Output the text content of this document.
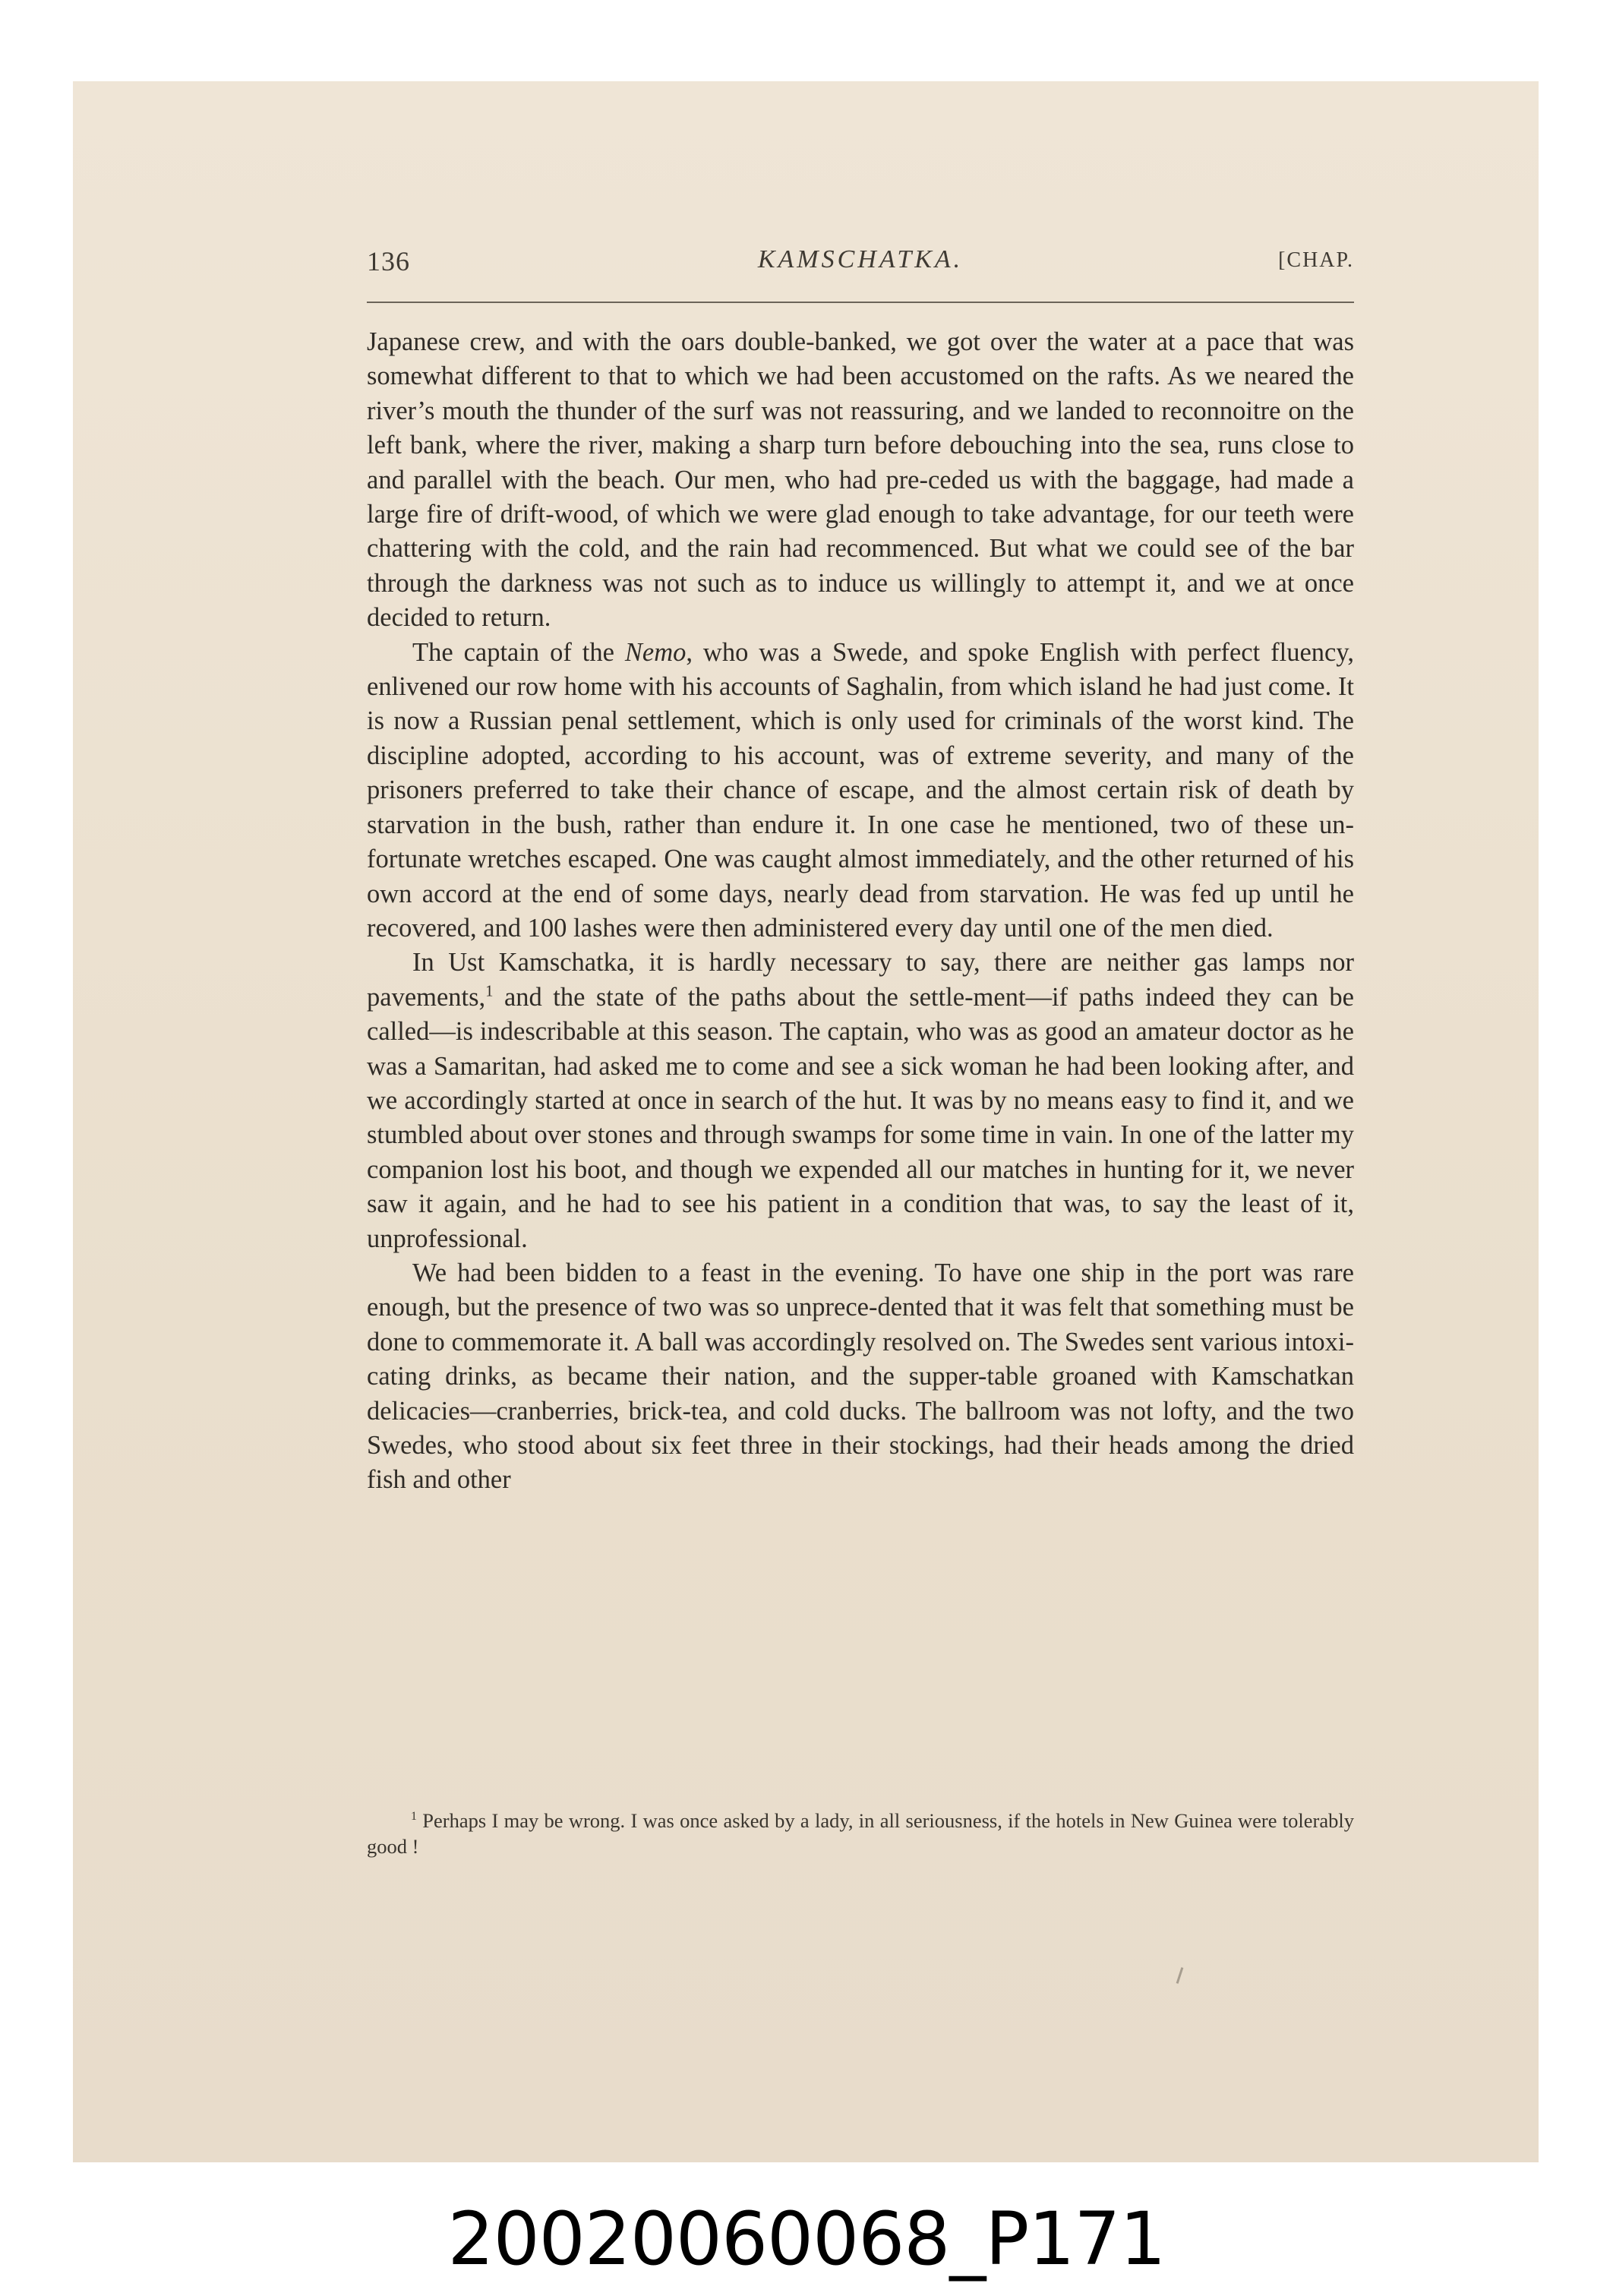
136	KAMSCHATKA.	[CHAP.

Japanese crew, and with the oars double-banked, we got over the water at a pace that was somewhat different to that to which we had been accustomed on the rafts. As we neared the river’s mouth the thunder of the surf was not reassuring, and we landed to reconnoitre on the left bank, where the river, making a sharp turn before debouching into the sea, runs close to and parallel with the beach. Our men, who had pre-ceded us with the baggage, had made a large fire of drift-wood, of which we were glad enough to take advantage, for our teeth were chattering with the cold, and the rain had recommenced. But what we could see of the bar through the darkness was not such as to induce us willingly to attempt it, and we at once decided to return.

The captain of the Nemo, who was a Swede, and spoke English with perfect fluency, enlivened our row home with his accounts of Saghalin, from which island he had just come. It is now a Russian penal settlement, which is only used for criminals of the worst kind. The discipline adopted, according to his account, was of extreme severity, and many of the prisoners preferred to take their chance of escape, and the almost certain risk of death by starvation in the bush, rather than endure it. In one case he mentioned, two of these un-fortunate wretches escaped. One was caught almost immediately, and the other returned of his own accord at the end of some days, nearly dead from starvation. He was fed up until he recovered, and 100 lashes were then administered every day until one of the men died.

In Ust Kamschatka, it is hardly necessary to say, there are neither gas lamps nor pavements,$^1$ and the state of the paths about the settle-ment—if paths indeed they can be called—is indescribable at this season. The captain, who was as good an amateur doctor as he was a Samaritan, had asked me to come and see a sick woman he had been looking after, and we accordingly started at once in search of the hut. It was by no means easy to find it, and we stumbled about over stones and through swamps for some time in vain. In one of the latter my companion lost his boot, and though we expended all our matches in hunting for it, we never saw it again, and he had to see his patient in a condition that was, to say the least of it, unprofessional.

We had been bidden to a feast in the evening. To have one ship in the port was rare enough, but the presence of two was so unprece-dented that it was felt that something must be done to commemorate it. A ball was accordingly resolved on. The Swedes sent various intoxi-cating drinks, as became their nation, and the supper-table groaned with Kamschatkan delicacies—cranberries, brick-tea, and cold ducks. The ballroom was not lofty, and the two Swedes, who stood about six feet three in their stockings, had their heads among the dried fish and other

$^1$ Perhaps I may be wrong. I was once asked by a lady, in all seriousness, if the hotels in New Guinea were tolerably good !
20020060068_P171
